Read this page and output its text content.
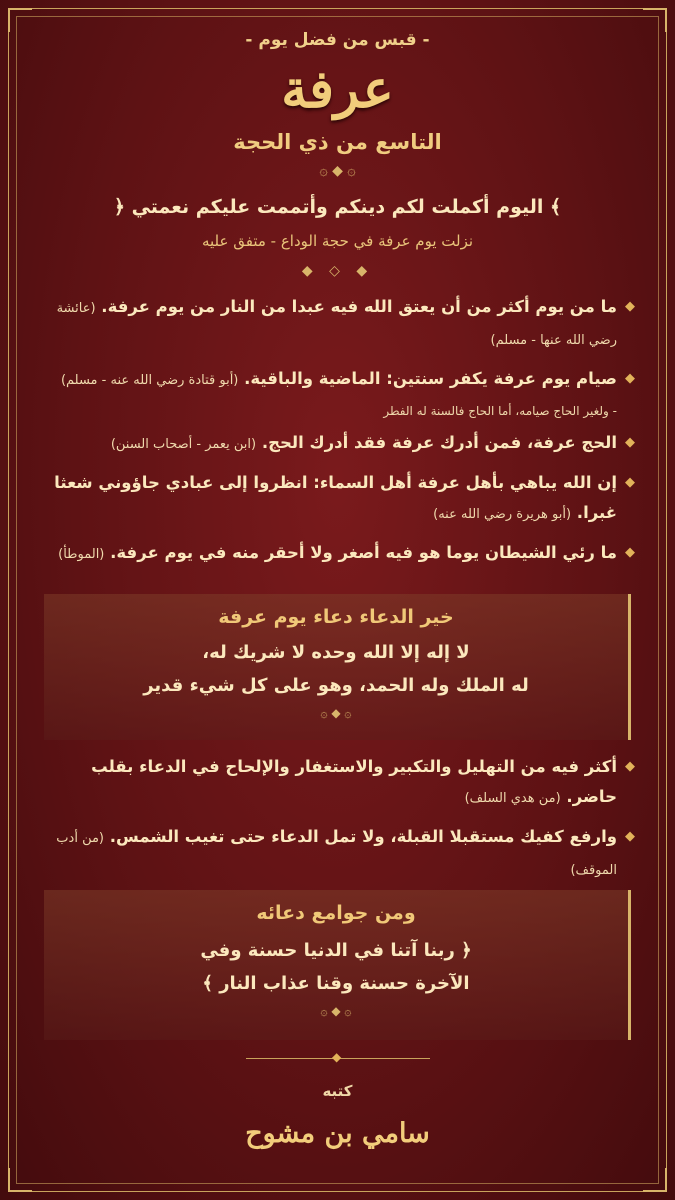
- قبس من فضل يوم -
عرفة
التاسع من ذي الحجة
۞ ◆ ۞
﴿ اليوم أكملت لكم دينكم وأتممت عليكم نعمتي ﴾
نزلت يوم عرفة في حجة الوداع - متفق عليه
◆ ◇ ◆
◆
ما من يوم أكثر من أن يعتق الله فيه عبدا من النار من يوم عرفة. (عائشة رضي الله عنها - مسلم)
◆
صيام يوم عرفة يكفر سنتين: الماضية والباقية. (أبو قتادة رضي الله عنه - مسلم)
- ولغير الحاج صيامه، أما الحاج فالسنة له الفطر
◆
الحج عرفة، فمن أدرك عرفة فقد أدرك الحج. (ابن يعمر - أصحاب السنن)
◆
إن الله يباهي بأهل عرفة أهل السماء: انظروا إلى عبادي جاؤوني شعثا غبرا. (أبو هريرة رضي الله عنه)
◆
ما رئي الشيطان يوما هو فيه أصغر ولا أحقر منه في يوم عرفة. (الموطأ)
خير الدعاء دعاء يوم عرفة
لا إله إلا الله وحده لا شريك له،
له الملك وله الحمد، وهو على كل شيء قدير
۞ ◆ ۞
◆
أكثر فيه من التهليل والتكبير والاستغفار والإلحاح في الدعاء بقلب حاضر. (من هدي السلف)
◆
وارفع كفيك مستقبلا القبلة، ولا تمل الدعاء حتى تغيب الشمس. (من أدب الموقف)
ومن جوامع دعائه
﴿ ربنا آتنا في الدنيا حسنة وفي
الآخرة حسنة وقنا عذاب النار ﴾
۞ ◆ ۞
◆
كتبه
سامي بن مشوح
